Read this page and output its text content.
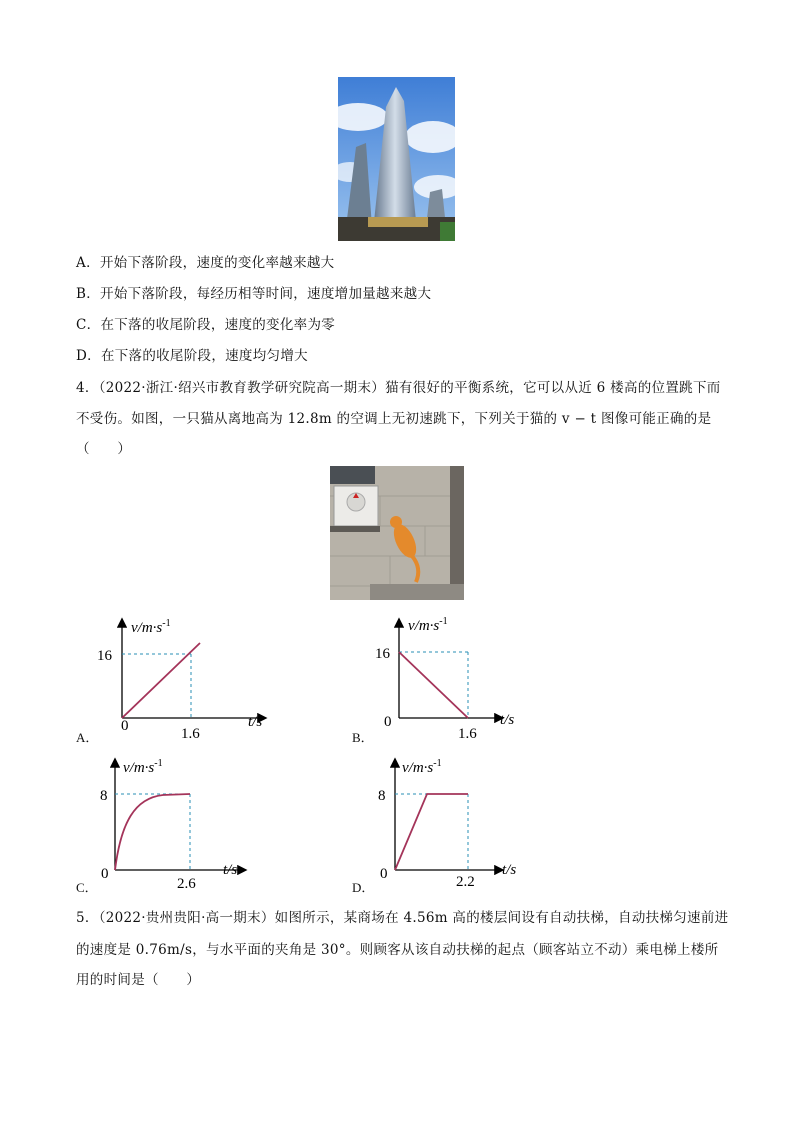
A．开始下落阶段，速度的变化率越来越大
B．开始下落阶段，每经历相等时间，速度增加量越来越大
C．在下落的收尾阶段，速度的变化率为零
D．在下落的收尾阶段，速度均匀增大
4．（2022·浙江·绍兴市教育教学研究院高一期末）猫有很好的平衡系统，它可以从近 6 楼高的位置跳下而
不受伤。如图，一只猫从离地高为 12.8m 的空调上无初速跳下，下列关于猫的 v − t 图像可能正确的是
（　　）
A．
$v/m\cdot s^{-1}$
16
0	1.6
t/s
B．
$v/m\cdot s^{-1}$
16
0
1.6
t/s
C．
$v/m\cdot s^{-1}$
8
0
2.6
t/s
D．
$v/m\cdot s^{-1}$
8
0	2.2
t/s
5．（2022·贵州贵阳·高一期末）如图所示，某商场在 4.56m 高的楼层间设有自动扶梯，自动扶梯匀速前进
的速度是 0.76m/s，与水平面的夹角是 30°。则顾客从该自动扶梯的起点（顾客站立不动）乘电梯上楼所
用的时间是（　　）
